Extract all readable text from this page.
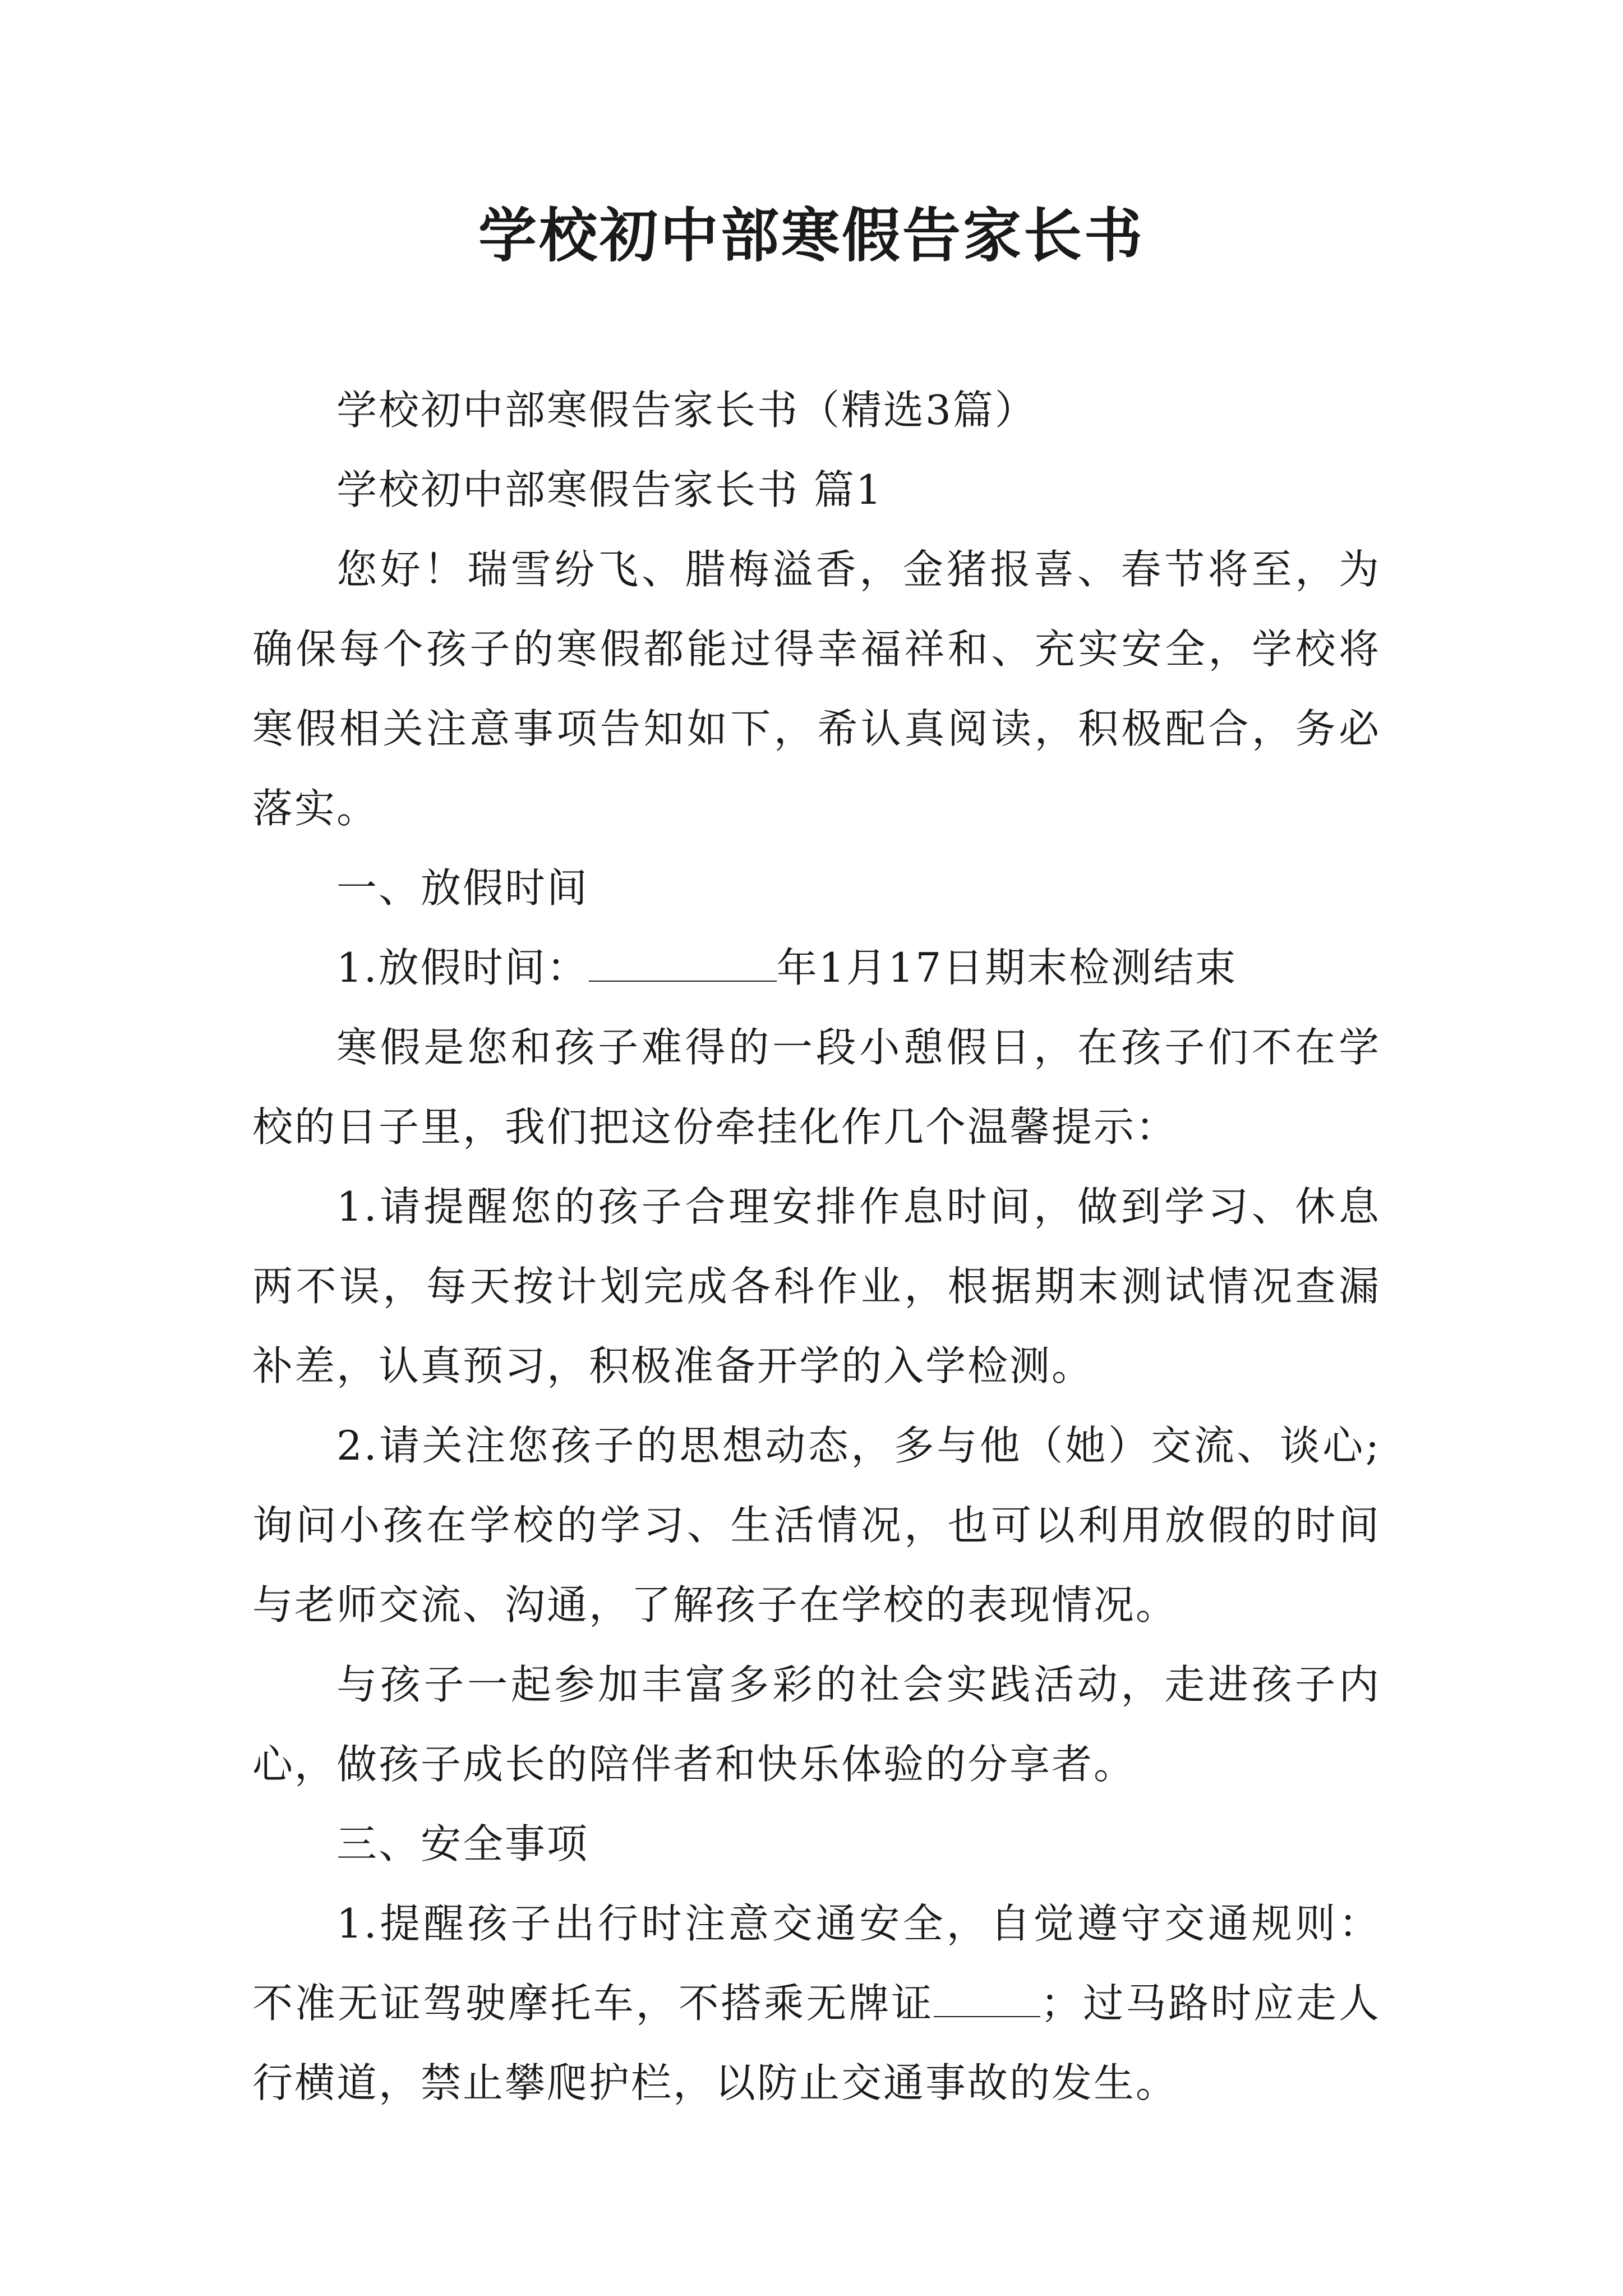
学校初中部寒假告家长书

学校初中部寒假告家长书（精选3篇）

学校初中部寒假告家长书 篇1

您好！瑞雪纷飞、腊梅溢香，金猪报喜、春节将至，为确保每个孩子的寒假都能过得幸福祥和、充实安全，学校将寒假相关注意事项告知如下，希认真阅读，积极配合，务必落实。

一、放假时间

1.放假时间：	年1月17日期末检测结束

寒假是您和孩子难得的一段小憩假日，在孩子们不在学校的日子里，我们把这份牵挂化作几个温馨提示：

1.请提醒您的孩子合理安排作息时间，做到学习、休息两不误，每天按计划完成各科作业，根据期末测试情况查漏补差，认真预习，积极准备开学的入学检测。

2.请关注您孩子的思想动态，多与他（她）交流、谈心;询问小孩在学校的学习、生活情况，也可以利用放假的时间与老师交流、沟通，了解孩子在学校的表现情况。

与孩子一起参加丰富多彩的社会实践活动，走进孩子内心，做孩子成长的陪伴者和快乐体验的分享者。

三、安全事项

1.提醒孩子出行时注意交通安全，自觉遵守交通规则：不准无证驾驶摩托车，不搭乘无牌证	；过马路时应走人行横道，禁止攀爬护栏，以防止交通事故的发生。
